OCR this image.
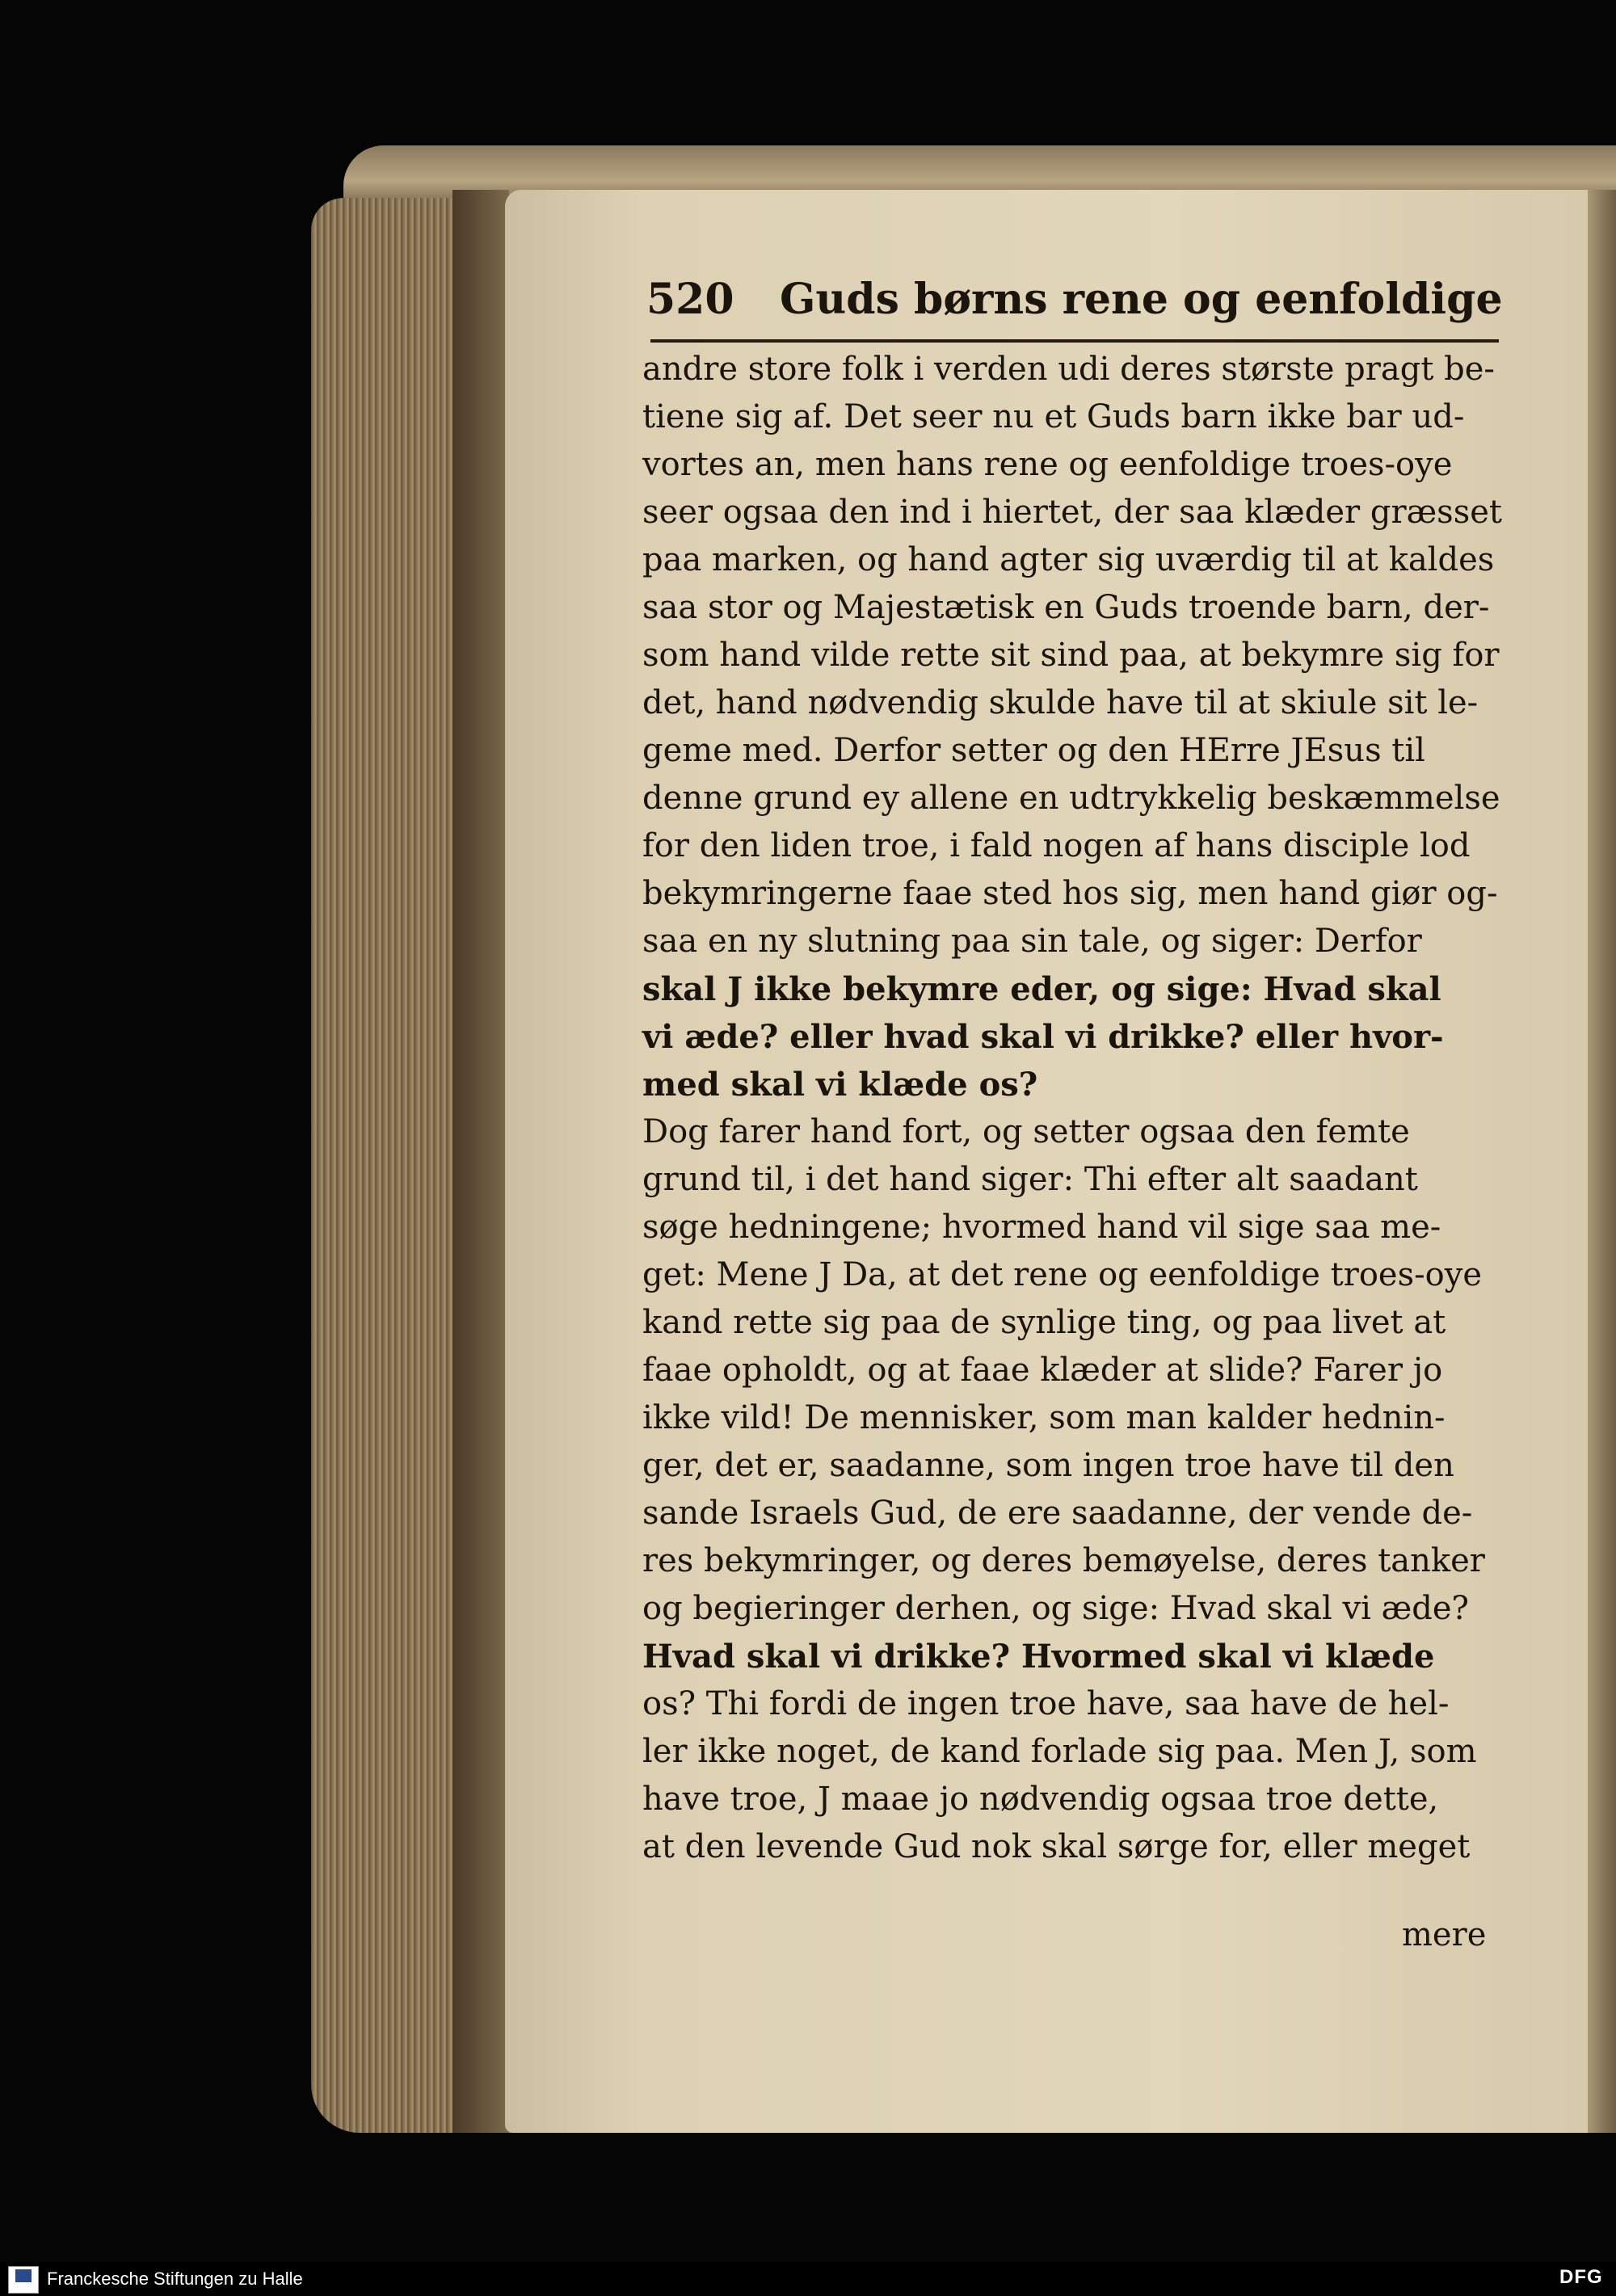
520 Guds børns rene og eenfoldige
andre store folk i verden udi deres største pragt be-
tiene sig af. Det seer nu et Guds barn ikke bar ud-
vortes an, men hans rene og eenfoldige troes-oye
seer ogsaa den ind i hiertet, der saa klæder græsset
paa marken, og hand agter sig uværdig til at kaldes
saa stor og Majestætisk en Guds troende barn, der-
som hand vilde rette sit sind paa, at bekymre sig for
det, hand nødvendig skulde have til at skiule sit le-
geme med. Derfor setter og den HErre JEsus til
denne grund ey allene en udtrykkelig beskæmmelse
for den liden troe, i fald nogen af hans disciple lod
bekymringerne faae sted hos sig, men hand giør og-
saa en ny slutning paa sin tale, og siger: Derfor
skal J ikke bekymre eder, og sige: Hvad skal
vi æde? eller hvad skal vi drikke? eller hvor-
med skal vi klæde os?
Dog farer hand fort, og setter ogsaa den femte
grund til, i det hand siger: Thi efter alt saadant
søge hedningene; hvormed hand vil sige saa me-
get: Mene J Da, at det rene og eenfoldige troes-oye
kand rette sig paa de synlige ting, og paa livet at
faae opholdt, og at faae klæder at slide? Farer jo
ikke vild! De mennisker, som man kalder hednin-
ger, det er, saadanne, som ingen troe have til den
sande Israels Gud, de ere saadanne, der vende de-
res bekymringer, og deres bemøyelse, deres tanker
og begieringer derhen, og sige: Hvad skal vi æde?
Hvad skal vi drikke? Hvormed skal vi klæde
os? Thi fordi de ingen troe have, saa have de hel-
ler ikke noget, de kand forlade sig paa. Men J, som
have troe, J maae jo nødvendig ogsaa troe dette,
at den levende Gud nok skal sørge for, eller meget
mere
Franckesche Stiftungen zu Halle	DFG
